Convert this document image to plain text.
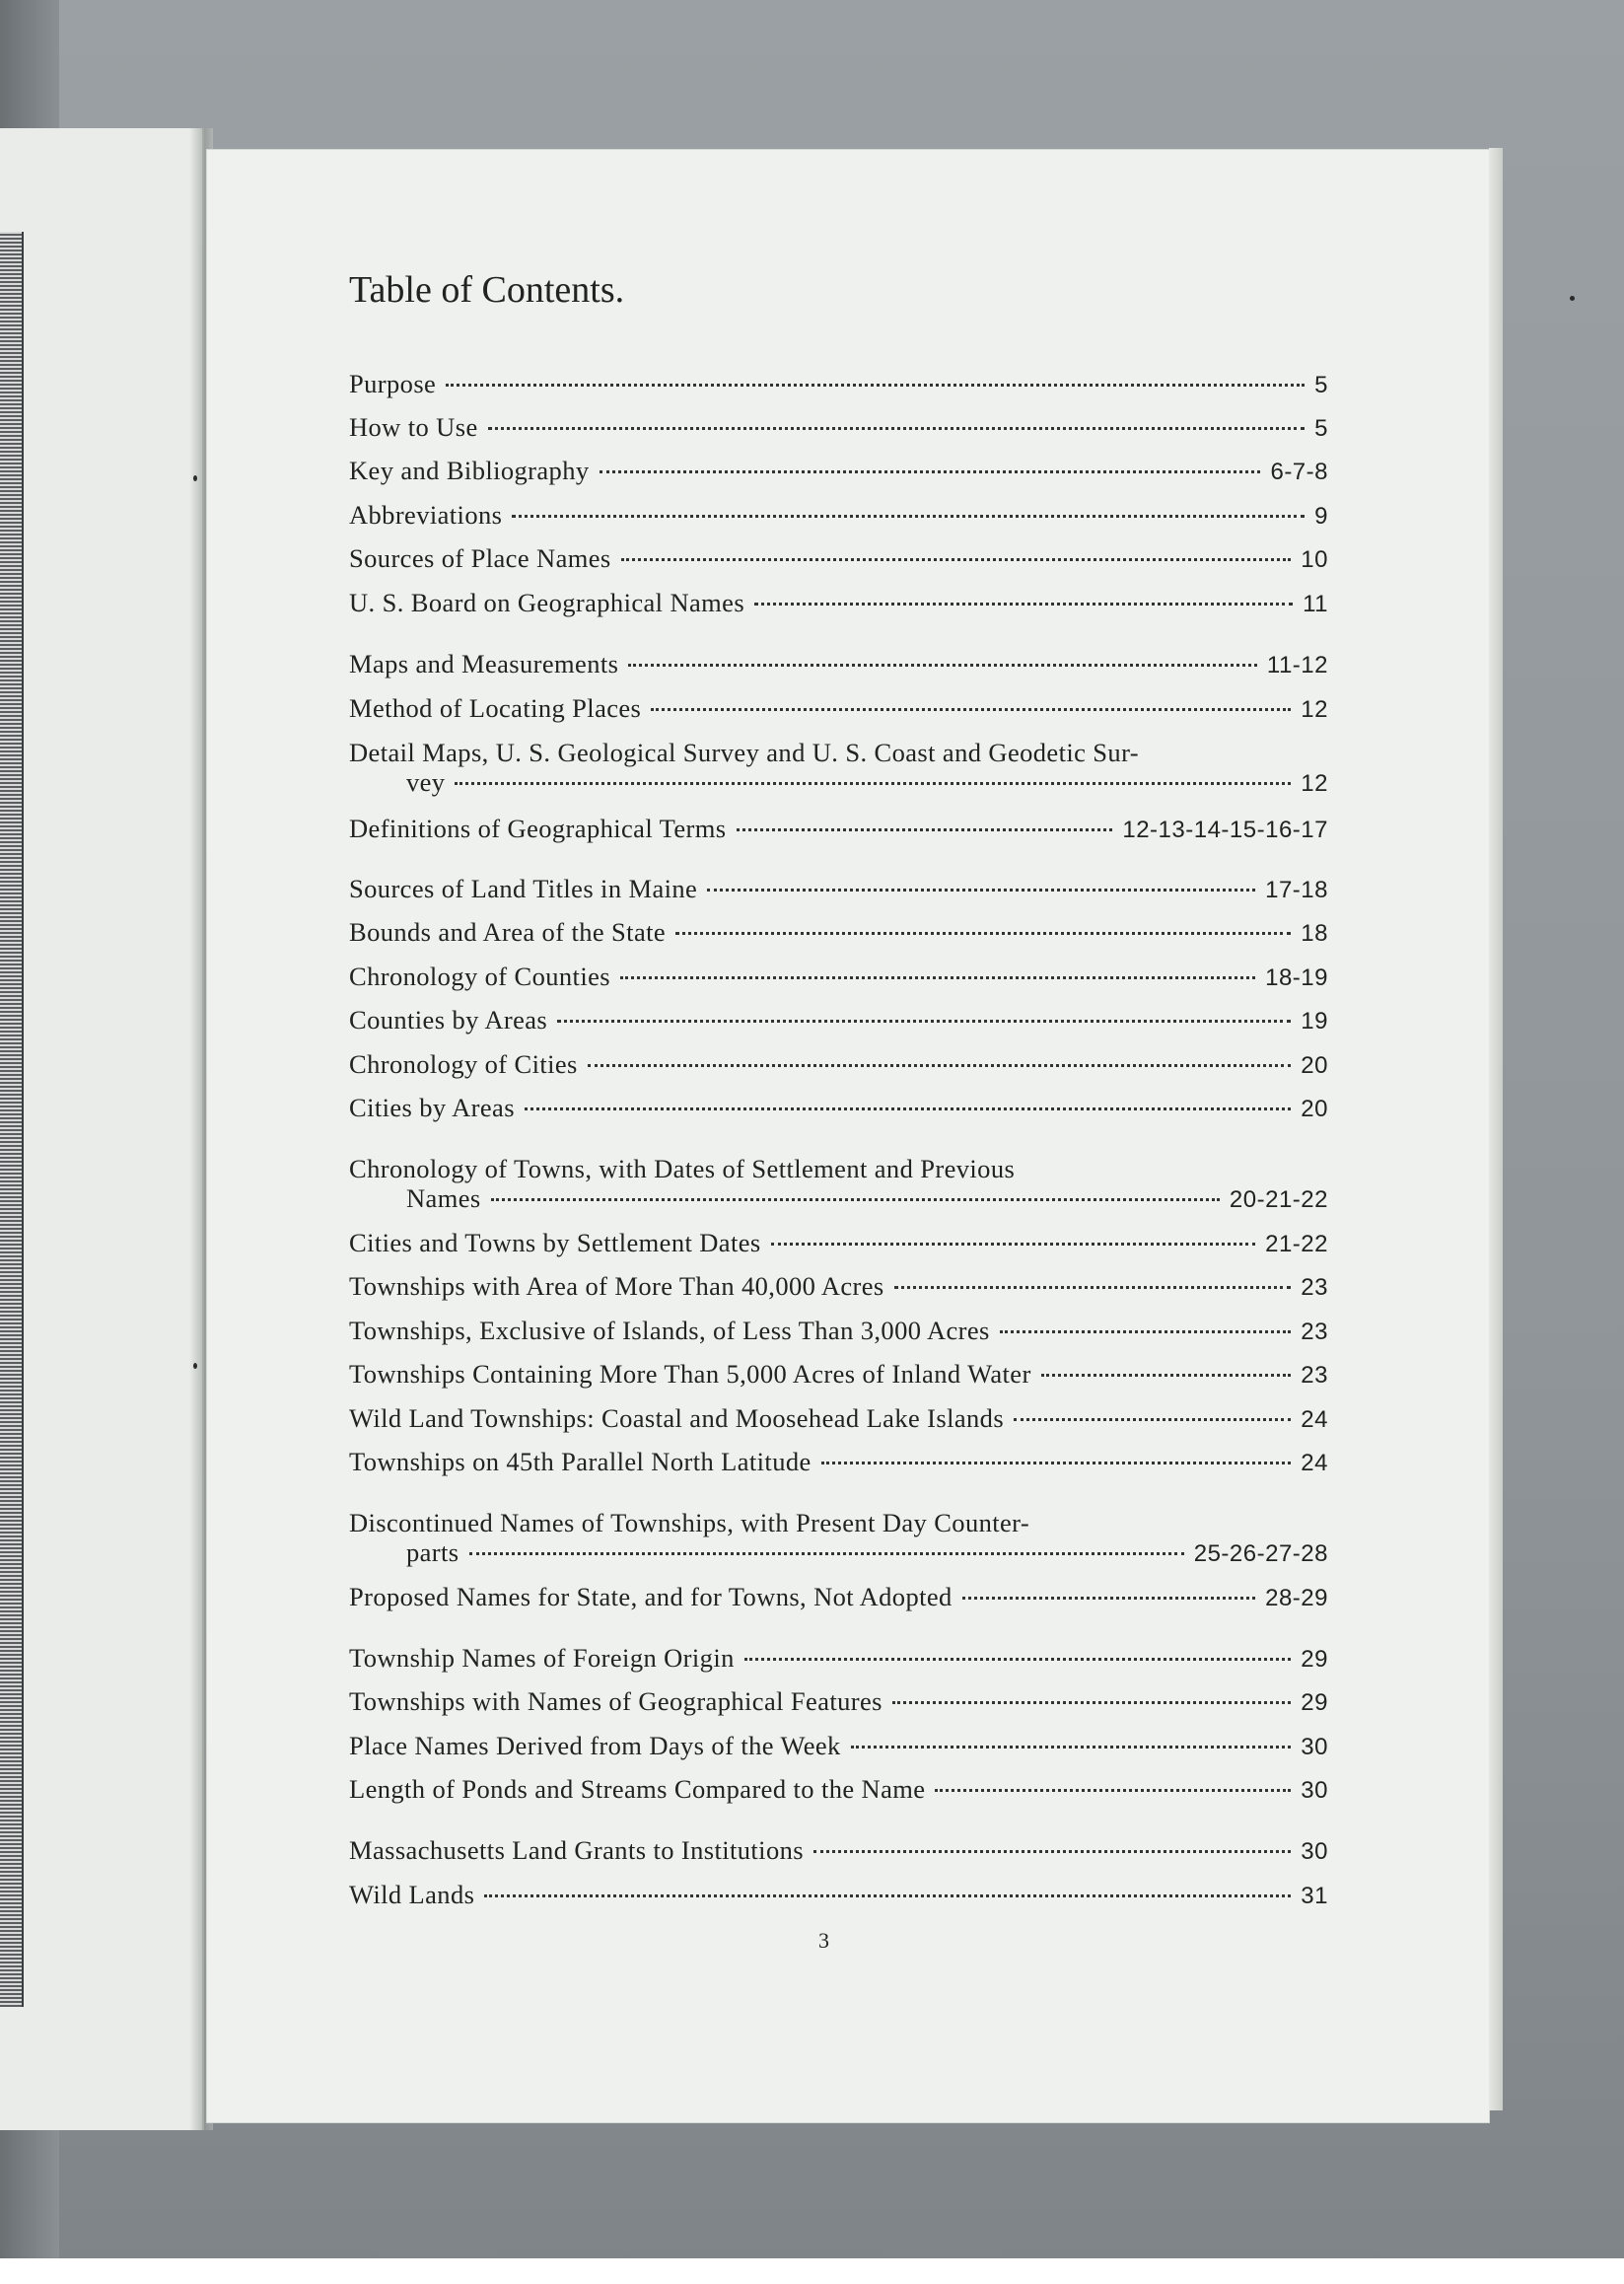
Table of Contents.
Purpose	5
How to Use	5
Key and Bibliography	6-7-8
Abbreviations	9
Sources of Place Names	10
U. S. Board on Geographical Names	11
Maps and Measurements	11-12
Method of Locating Places	12
Detail Maps, U. S. Geological Survey and U. S. Coast and Geodetic Sur-
vey	12
Definitions of Geographical Terms	12-13-14-15-16-17
Sources of Land Titles in Maine	17-18
Bounds and Area of the State	18
Chronology of Counties	18-19
Counties by Areas	19
Chronology of Cities	20
Cities by Areas	20
Chronology of Towns, with Dates of Settlement and Previous
Names	20-21-22
Cities and Towns by Settlement Dates	21-22
Townships with Area of More Than 40,000 Acres	23
Townships, Exclusive of Islands, of Less Than 3,000 Acres	23
Townships Containing More Than 5,000 Acres of Inland Water	23
Wild Land Townships: Coastal and Moosehead Lake Islands	24
Townships on 45th Parallel North Latitude	24
Discontinued Names of Townships, with Present Day Counter-
parts	25-26-27-28
Proposed Names for State, and for Towns, Not Adopted	28-29
Township Names of Foreign Origin	29
Townships with Names of Geographical Features	29
Place Names Derived from Days of the Week	30
Length of Ponds and Streams Compared to the Name	30
Massachusetts Land Grants to Institutions	30
Wild Lands	31
3
